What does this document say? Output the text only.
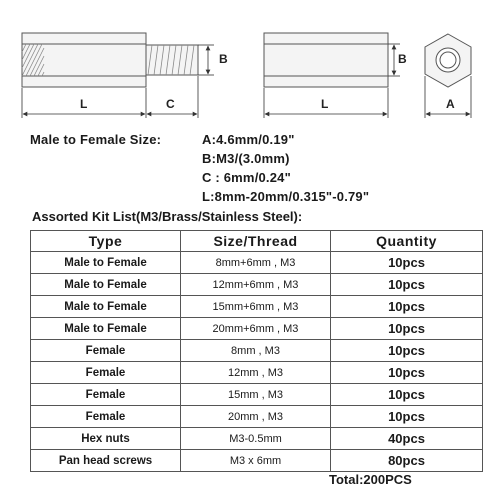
B
L	C
B
L	A
Male to Female Size:	A:4.6mm/0.19"
B:M3/(3.0mm)
C : 6mm/0.24"
L:8mm-20mm/0.315"-0.79"
Assorted Kit List(M3/Brass/Stainless Steel):
Type	Size/Thread	Quantity
Male to Female	8mm+6mm , M3	10pcs
Male to Female	12mm+6mm , M3	10pcs
Male to Female	15mm+6mm , M3	10pcs
Male to Female	20mm+6mm , M3	10pcs
Female	8mm , M3	10pcs
Female	12mm , M3	10pcs
Female	15mm , M3	10pcs
Female	20mm , M3	10pcs
Hex nuts	M3-0.5mm	40pcs
Pan head screws	M3 x 6mm	80pcs
Total:200PCS
